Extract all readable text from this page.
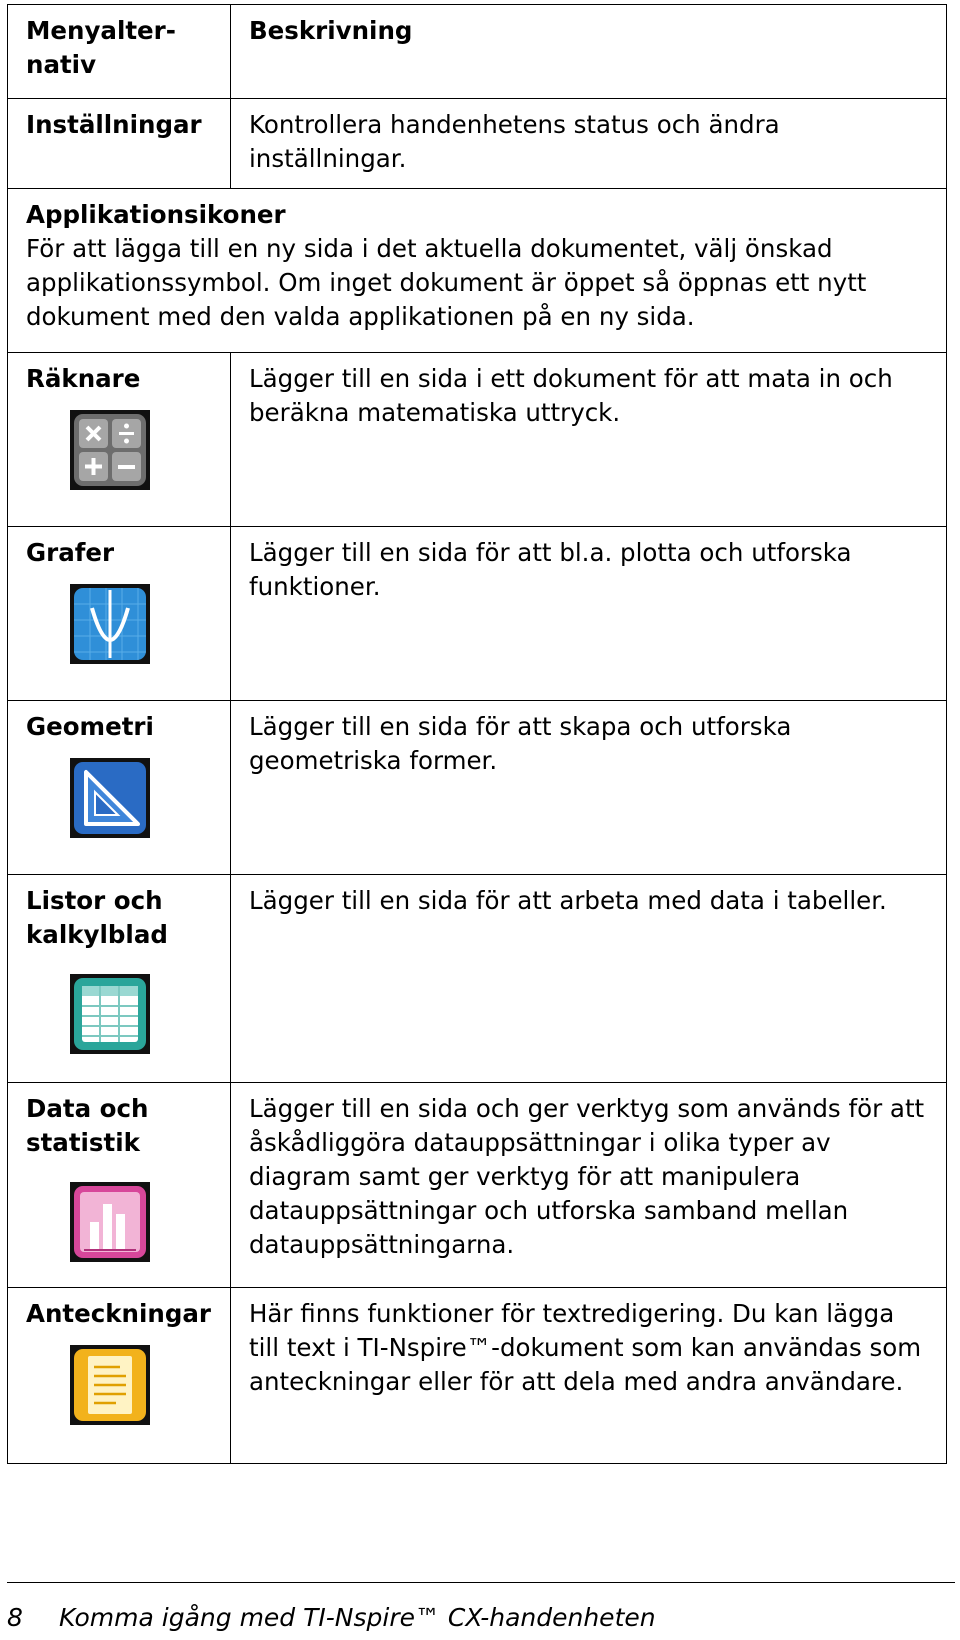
Menyalter-
nativ	Beskrivning
Inställningar	Kontrollera handenhetens status och ändra inställningar.

Applikationsikoner
För att lägga till en ny sida i det aktuella dokumentet, välj önskad applikationssymbol. Om inget dokument är öppet så öppnas ett nytt dokument med den valda applikationen på en ny sida.	

Räknare	Lägger till en sida i ett dokument för att mata in och beräkna matematiska uttryck.

Grafer	Lägger till en sida för att bl.a. plotta och utforska funktioner.

Geometri	Lägger till en sida för att skapa och utforska geometriska former.

Listor och kalkylblad	Lägger till en sida för att arbeta med data i tabeller.

Data och statistik	Lägger till en sida och ger verktyg som används för att åskådliggöra datauppsättningar i olika typer av diagram samt ger verktyg för att manipulera datauppsättningar och utforska samband mellan datauppsättningarna.

Anteckningar	Här finns funktioner för textredigering. Du kan lägga till text i TI-Nspire™-dokument som kan användas som anteckningar eller för att dela med andra användare.
8 Komma igång med TI-Nspire™ CX-handenheten
